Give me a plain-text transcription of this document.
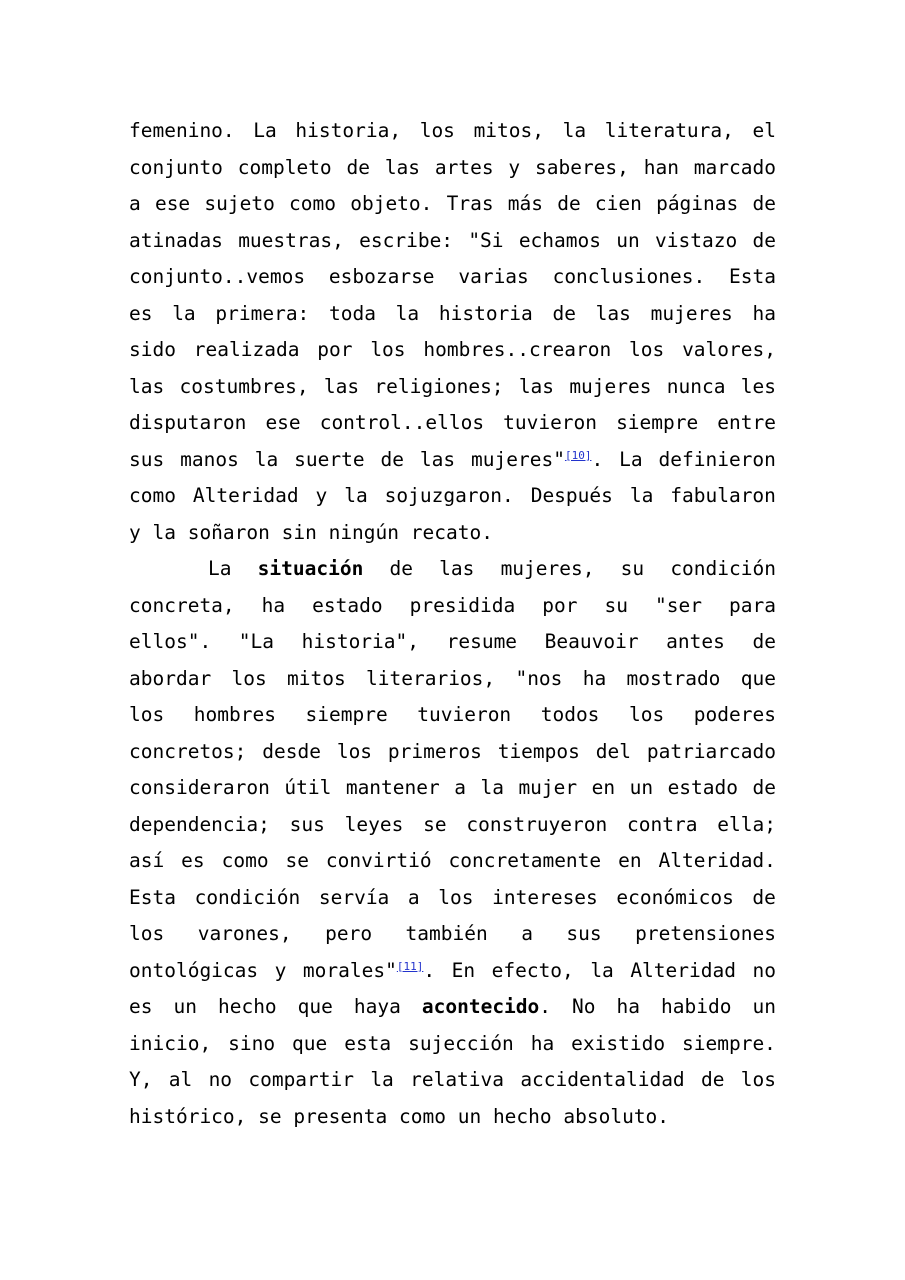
femenino. La historia, los mitos, la literatura, el
conjunto completo de las artes y saberes, han marcado
a ese sujeto como objeto. Tras más de cien páginas de
atinadas muestras, escribe: "Si echamos un vistazo de
conjunto..vemos esbozarse varias conclusiones. Esta
es la primera: toda la historia de las mujeres ha
sido realizada por los hombres..crearon los valores,
las costumbres, las religiones; las mujeres nunca les
disputaron ese control..ellos tuvieron siempre entre
sus manos la suerte de las mujeres"[10]. La definieron
como Alteridad y la sojuzgaron. Después la fabularon
y la soñaron sin ningún recato.
La situación de las mujeres, su condición
concreta, ha estado presidida por su "ser para
ellos". "La historia", resume Beauvoir antes de
abordar los mitos literarios, "nos ha mostrado que
los hombres siempre tuvieron todos los poderes
concretos; desde los primeros tiempos del patriarcado
consideraron útil mantener a la mujer en un estado de
dependencia; sus leyes se construyeron contra ella;
así es como se convirtió concretamente en Alteridad.
Esta condición servía a los intereses económicos de
los varones, pero también a sus pretensiones
ontológicas y morales"[11]. En efecto, la Alteridad no
es un hecho que haya acontecido. No ha habido un
inicio, sino que esta sujección ha existido siempre.
Y, al no compartir la relativa accidentalidad de los
histórico, se presenta como un hecho absoluto.
